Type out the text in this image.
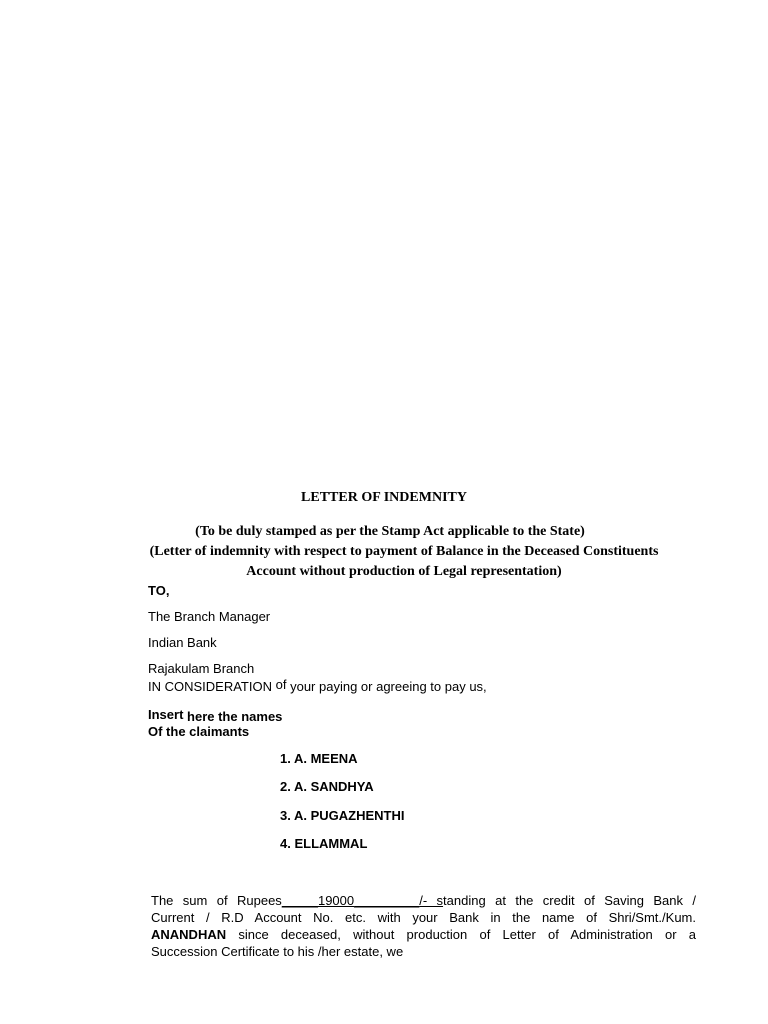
LETTER OF INDEMNITY
(To be duly stamped as per the Stamp Act applicable to the State)
(Letter of indemnity with respect to payment of Balance in the Deceased Constituents
Account without production of Legal representation)
TO,
The Branch Manager
Indian Bank
Rajakulam Branch
IN CONSIDERATION of your paying or agreeing to pay us,
Insert here the names
Of the claimants
1. A. MEENA
2. A. SANDHYA
3. A. PUGAZHENTHI
4. ELLAMMAL
The sum of Rupees_____19000_________/- standing at the credit of Saving Bank /
Current / R.D Account No. etc. with your Bank in the name of Shri/Smt./Kum.
ANANDHAN since deceased, without production of Letter of Administration or a
Succession Certificate to his /her estate, we
